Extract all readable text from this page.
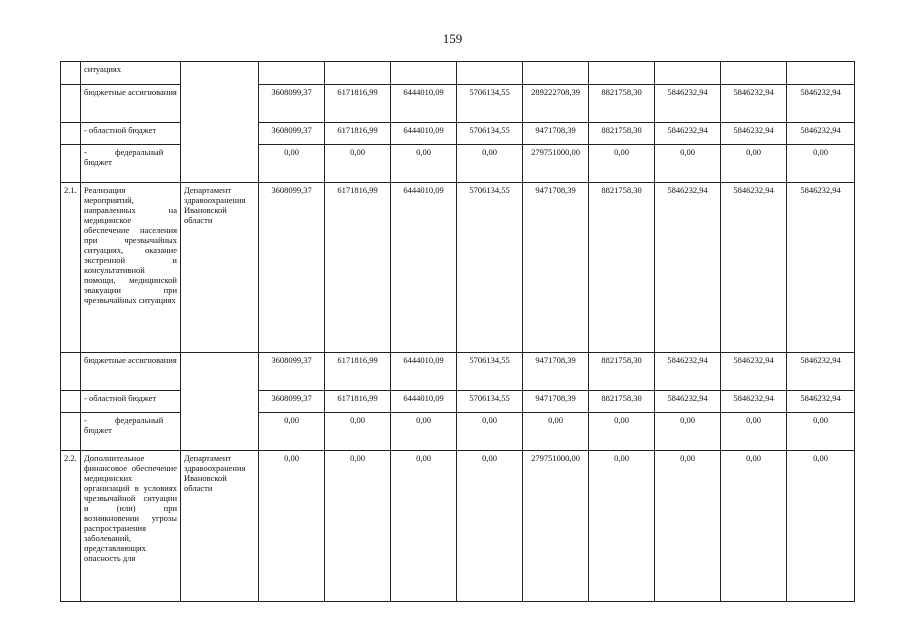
159
	ситуациях										
	бюджетные ассигнования		3608099,37	6171816,99	6444010,09	5706134,55	289222708,39	8821758,30	5846232,94	5846232,94	5846232,94
	- областной бюджет		3608099,37	6171816,99	6444010,09	5706134,55	9471708,39	8821758,30	5846232,94	5846232,94	5846232,94
	- федеральный бюджет		0,00	0,00	0,00	0,00	279751000,00	0,00	0,00	0,00	0,00
2.1.	Реализация мероприятий, направленных на медицинское обеспечение населения при чрезвычайных ситуациях, оказание экстренной и консультативной помощи, медицинской эвакуации при чрезвычайных ситуациях	Департамент здравоохранения Ивановской области	3608099,37	6171816,99	6444010,09	5706134,55	9471708,39	8821758,30	5846232,94	5846232,94	5846232,94
	бюджетные ассигнования		3608099,37	6171816,99	6444010,09	5706134,55	9471708,39	8821758,30	5846232,94	5846232,94	5846232,94
	- областной бюджет		3608099,37	6171816,99	6444010,09	5706134,55	9471708,39	8821758,30	5846232,94	5846232,94	5846232,94
	- федеральный бюджет		0,00	0,00	0,00	0,00	0,00	0,00	0,00	0,00	0,00
2.2.	Дополнительное финансовое обеспечение медицинских организаций в условиях чрезвычайной ситуации и (или) при возникновении угрозы распространения заболеваний, представляющих опасность для	Департамент здравоохранения Ивановской области	0,00	0,00	0,00	0,00	279751000,00	0,00	0,00	0,00	0,00
